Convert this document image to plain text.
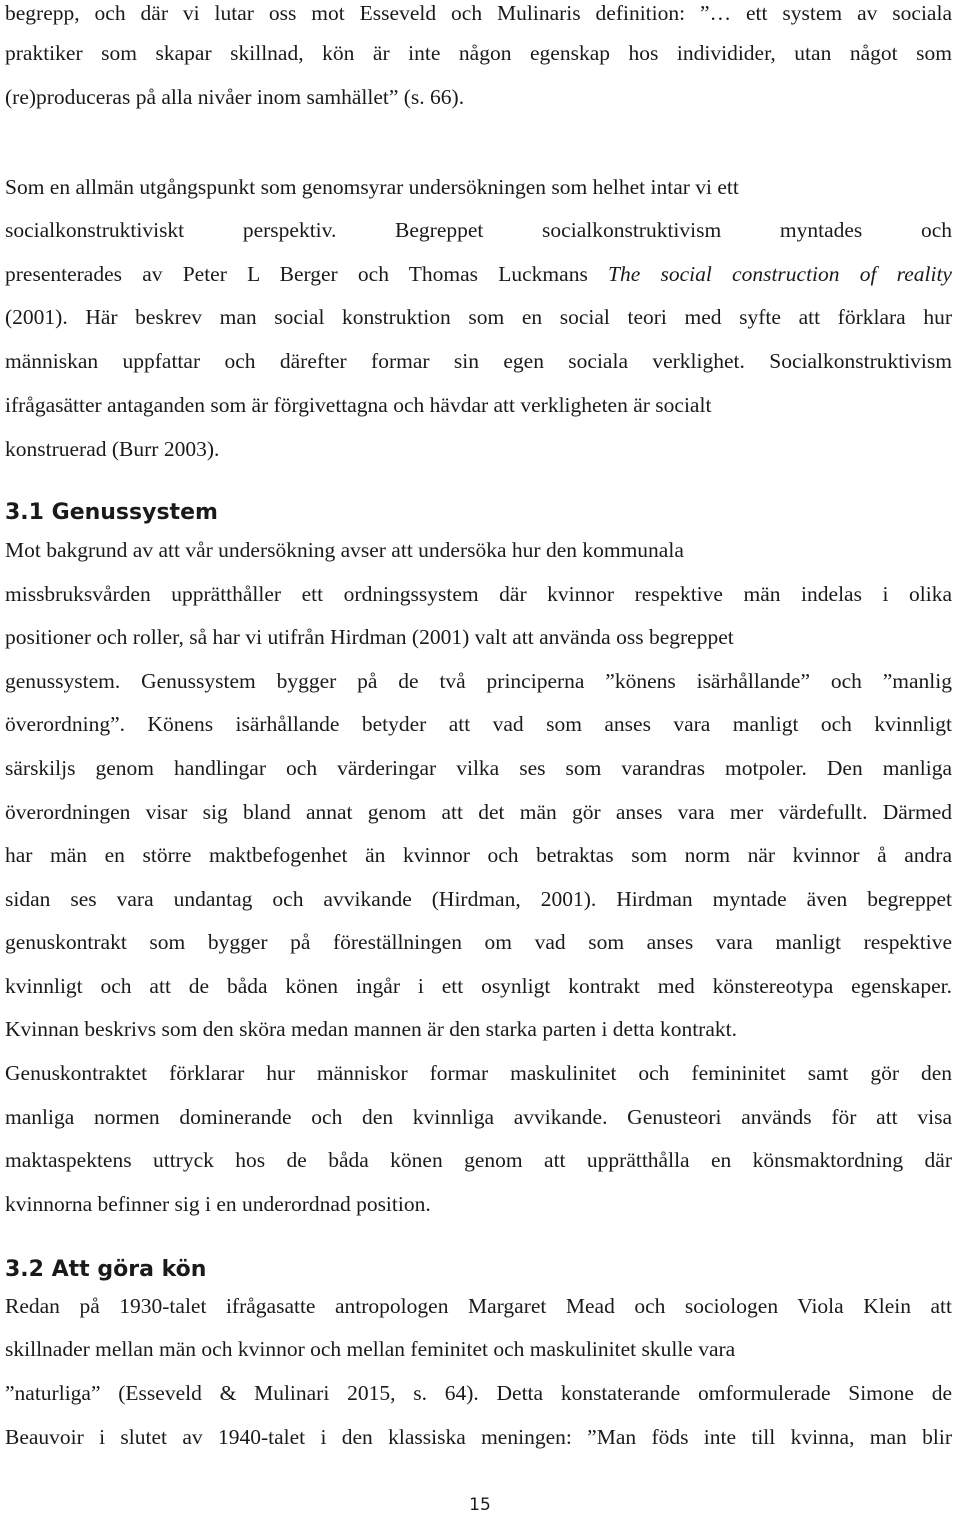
begrepp, och där vi lutar oss mot Esseveld och Mulinaris definition: ”… ett system av sociala
praktiker som skapar skillnad, kön är inte någon egenskap hos individider, utan något som
(re)produceras på alla nivåer inom samhället” (s. 66).
Som en allmän utgångspunkt som genomsyrar undersökningen som helhet intar vi ett
socialkonstruktiviskt perspektiv. Begreppet socialkonstruktivism myntades och
presenterades av Peter L Berger och Thomas Luckmans The social construction of reality
(2001). Här beskrev man social konstruktion som en social teori med syfte att förklara hur
människan uppfattar och därefter formar sin egen sociala verklighet. Socialkonstruktivism
ifrågasätter antaganden som är förgivettagna och hävdar att verkligheten är socialt
konstruerad (Burr 2003).
3.1 Genussystem
Mot bakgrund av att vår undersökning avser att undersöka hur den kommunala
missbruksvården upprätthåller ett ordningssystem där kvinnor respektive män indelas i olika
positioner och roller, så har vi utifrån Hirdman (2001) valt att använda oss begreppet
genussystem. Genussystem bygger på de två principerna ”könens isärhållande” och ”manlig
överordning”. Könens isärhållande betyder att vad som anses vara manligt och kvinnligt
särskiljs genom handlingar och värderingar vilka ses som varandras motpoler. Den manliga
överordningen visar sig bland annat genom att det män gör anses vara mer värdefullt. Därmed
har män en större maktbefogenhet än kvinnor och betraktas som norm när kvinnor å andra
sidan ses vara undantag och avvikande (Hirdman, 2001). Hirdman myntade även begreppet
genuskontrakt som bygger på föreställningen om vad som anses vara manligt respektive
kvinnligt och att de båda könen ingår i ett osynligt kontrakt med könstereotypa egenskaper.
Kvinnan beskrivs som den sköra medan mannen är den starka parten i detta kontrakt.
Genuskontraktet förklarar hur människor formar maskulinitet och femininitet samt gör den
manliga normen dominerande och den kvinnliga avvikande. Genusteori används för att visa
maktaspektens uttryck hos de båda könen genom att upprätthålla en könsmaktordning där
kvinnorna befinner sig i en underordnad position.
3.2 Att göra kön
Redan på 1930-talet ifrågasatte antropologen Margaret Mead och sociologen Viola Klein att
skillnader mellan män och kvinnor och mellan feminitet och maskulinitet skulle vara
”naturliga” (Esseveld & Mulinari 2015, s. 64). Detta konstaterande omformulerade Simone de
Beauvoir i slutet av 1940-talet i den klassiska meningen: ”Man föds inte till kvinna, man blir
15
